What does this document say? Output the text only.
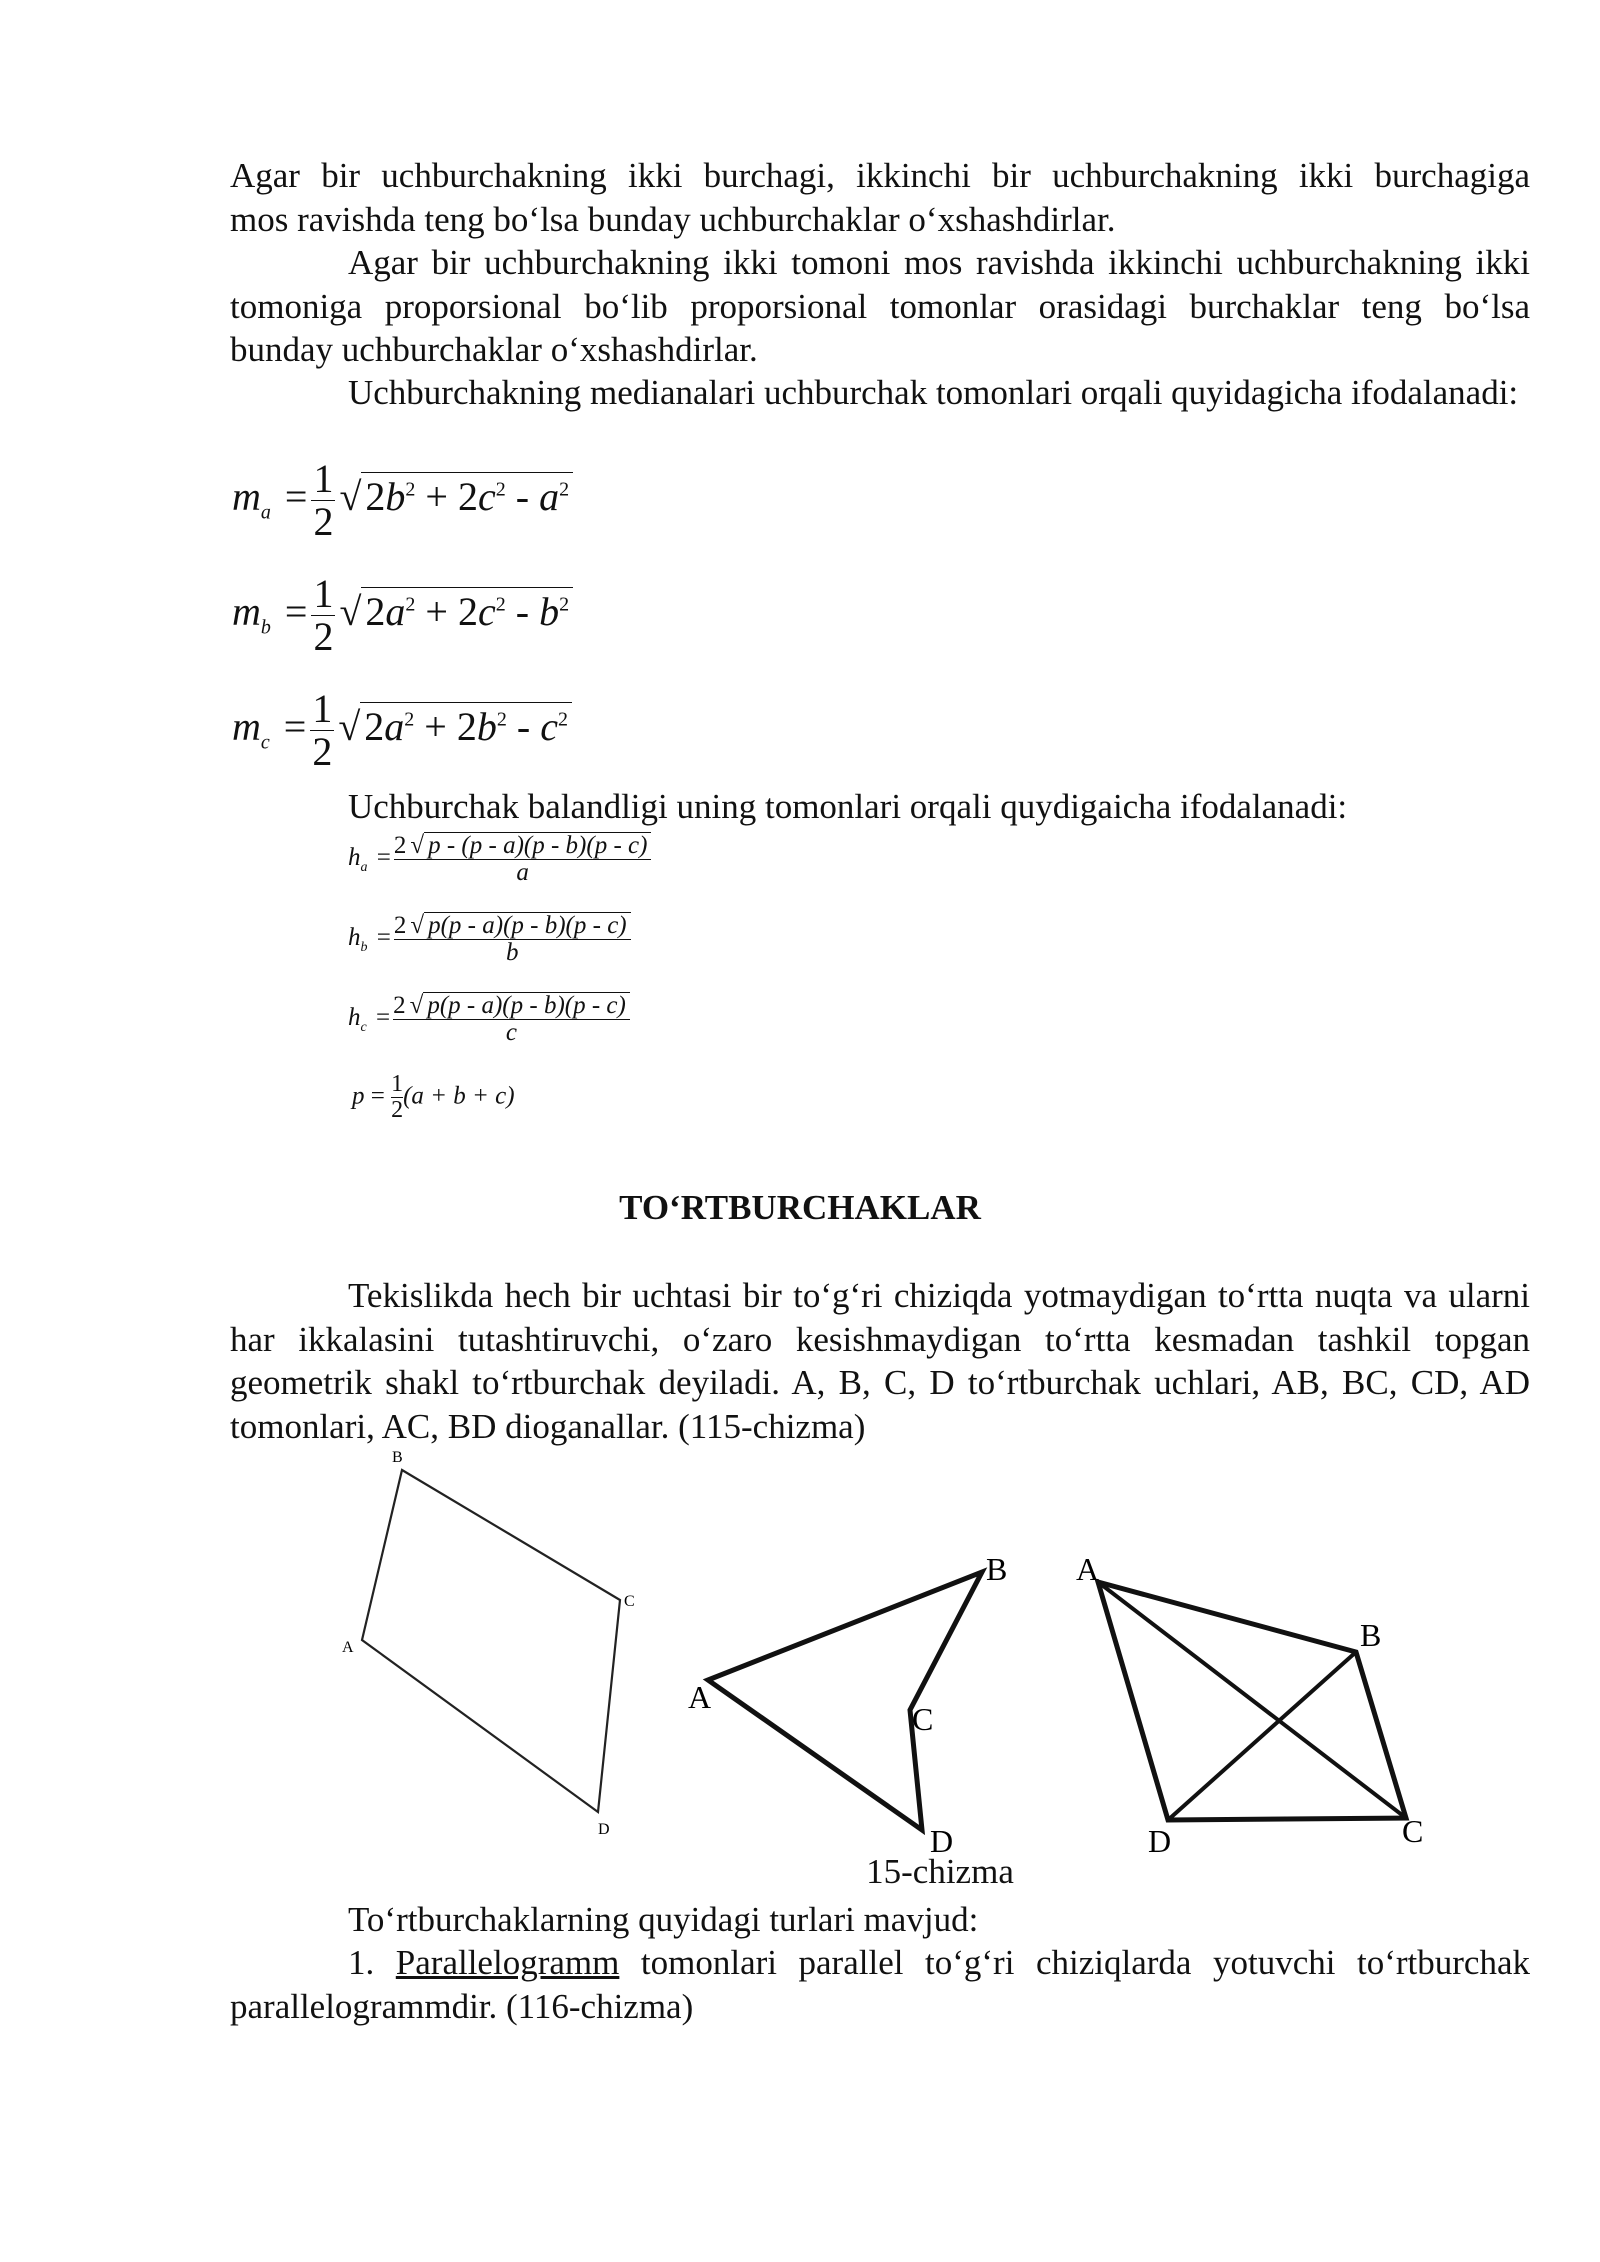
Agar bir uchburchakning ikki burchagi, ikkinchi bir uchburchakning ikki burchagiga
mos ravishda teng bo‘lsa bunday uchburchaklar o‘xshashdirlar.

Agar bir uchburchakning ikki tomoni mos ravishda ikkinchi uchburchakning ikki tomoniga proporsional bo‘lib proporsional tomonlar orasidagi burchaklar teng bo‘lsa bunday uchburchaklar o‘xshashdirlar.

Uchburchakning medianalari uchburchak tomonlari orqali quyidagicha ifodalanadi:

$m_a = \frac{1}{2}$ √ $2b^2 + 2c^2 - a^2$
$m_b = \frac{1}{2}$ √ $2a^2 + 2c^2 - b^2$
$m_c = \frac{1}{2}$ √ $2a^2 + 2b^2 - c^2$

Uchburchak balandligi uning tomonlari orqali quydigaicha ifodalanadi:

$h_a = \frac{2 √ p - (p - a)(p - b)(p - c)}{a}$
$h_b = \frac{2 √ p(p - a)(p - b)(p - c)}{b}$
$h_c = \frac{2 √ p(p - a)(p - b)(p - c)}{c}$
$p = \frac{1}{2} (a + b + c)$
TO‘RTBURCHAKLAR

Tekislikda hech bir uchtasi bir to‘g‘ri chiziqda yotmaydigan to‘rtta nuqta va ularni har ikkalasini tutashtiruvchi, o‘zaro kesishmaydigan to‘rtta kesmadan tashkil topgan geometrik shakl to‘rtburchak deyiladi. A, B, C, D to‘rtburchak uchlari, AB, BC, CD, AD tomonlari, AC, BD dioganallar. (115-chizma)

B
C
A
D
A
B
C
D
A
B
C
D
15-chizma

To‘rtburchaklarning quyidagi turlari mavjud:

1. Parallelogramm tomonlari parallel to‘g‘ri chiziqlarda yotuvchi to‘rtburchak parallelogrammdir. (116-chizma)
